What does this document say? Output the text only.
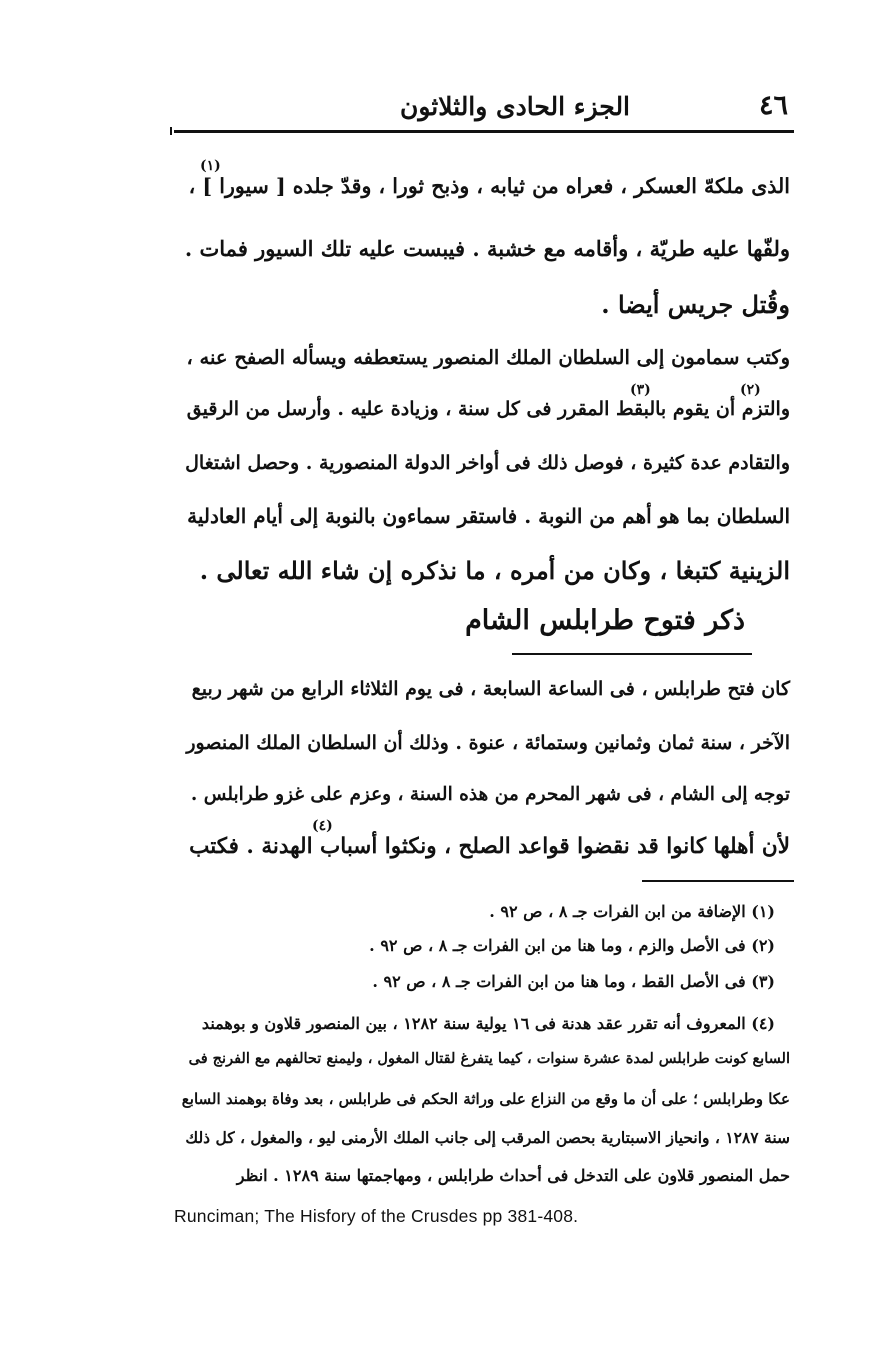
٤٦
الجزء الحادى والثلاثون
الذى ملكهّ العسكر ، فعراه من ثيابه ، وذبح ثورا ، وقدّ جلده [ سيورا ] ،
(١)
ولفّها عليه طريّة ، وأقامه مع خشبة . فيبست عليه تلك السيور فمات .
وقُتل جريس أيضا .
وكتب سمامون إلى السلطان الملك المنصور يستعطفه ويسأله الصفح عنه ،
(٢)
(٣)
والتزم أن يقوم بالبقط المقرر فى كل سنة ، وزيادة عليه . وأرسل من الرقيق
والتقادم عدة كثيرة ، فوصل ذلك فى أواخر الدولة المنصورية . وحصل اشتغال
السلطان بما هو أهم من النوبة . فاستقر سماءون بالنوبة إلى أيام العادلية
الزينية كتبغا ، وكان من أمره ، ما نذكره إن شاء الله تعالى .
ذكر فتوح طرابلس الشام
كان فتح طرابلس ، فى الساعة السابعة ، فى يوم الثلاثاء الرابع من شهر ربيع
الآخر ، سنة ثمان وثمانين وستمائة ، عنوة . وذلك أن السلطان الملك المنصور
توجه إلى الشام ، فى شهر المحرم من هذه السنة ، وعزم على غزو طرابلس .
(٤)
لأن أهلها كانوا قد نقضوا قواعد الصلح ، ونكثوا أسباب الهدنة . فكتب
(١) الإضافة من ابن الفرات جـ ٨ ، ص ٩٢ .
(٢) فى الأصل والزم ، وما هنا من ابن الفرات جـ ٨ ، ص ٩٢ .
(٣) فى الأصل القط ، وما هنا من ابن الفرات جـ ٨ ، ص ٩٢ .
(٤) المعروف أنه تقرر عقد هدنة فى ١٦ يولية سنة ١٢٨٢ ، بين المنصور قلاون و بوهمند
السابع كونت طرابلس لمدة عشرة سنوات ، كيما يتفرغ لقتال المغول ، وليمنع تحالفهم مع الفرنج فى
عكا وطرابلس ؛ على أن ما وقع من النزاع على وراثة الحكم فى طرابلس ، بعد وفاة بوهمند السابع
سنة ١٢٨٧ ، وانحياز الاسبتارية بحصن المرقب إلى جانب الملك الأرمنى ليو ، والمغول ، كل ذلك
حمل المنصور قلاون على التدخل فى أحداث طرابلس ، ومهاجمتها سنة ١٢٨٩ . انظر
Runciman; The Hisfory of the Crusdes pp 381-408.
